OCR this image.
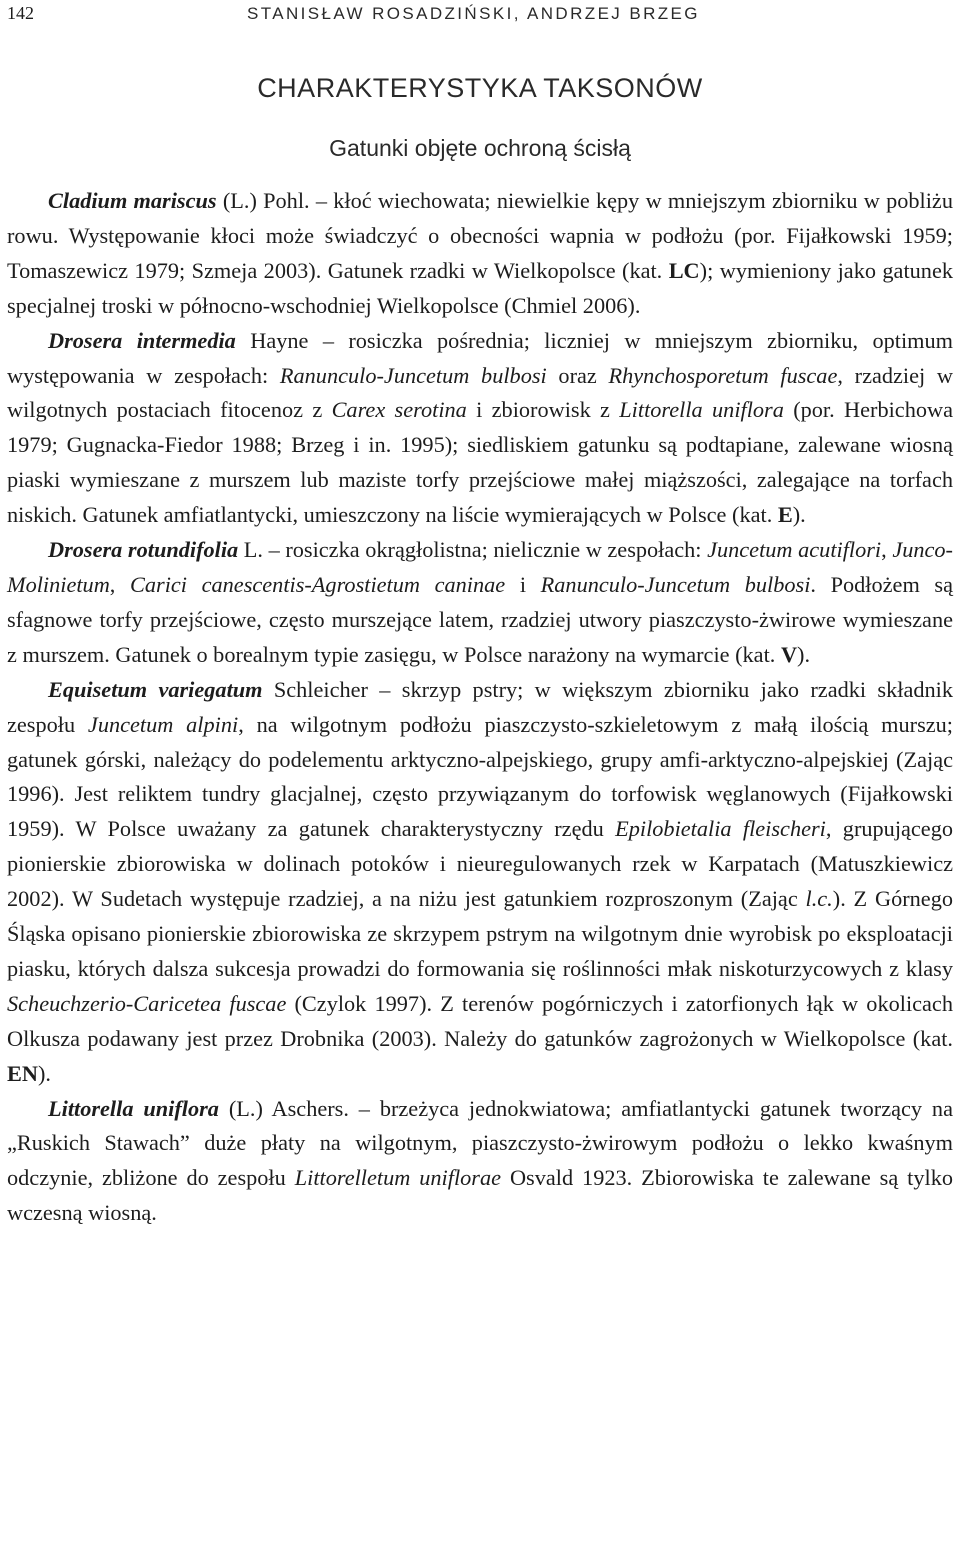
142	STANISŁAW ROSADZIŃSKI, ANDRZEJ BRZEG
CHARAKTERYSTYKA TAKSONÓW
Gatunki objęte ochroną ścisłą

Cladium mariscus (L.) Pohl. – kłoć wiechowata; niewielkie kępy w mniejszym zbiorniku w pobliżu rowu. Występowanie kłoci może świadczyć o obecności wapnia w podłożu (por. Fijałkowski 1959; Tomaszewicz 1979; Szmeja 2003). Gatunek rzadki w Wielkopolsce (kat. LC); wymieniony jako gatunek specjalnej troski w północno-wschodniej Wielkopolsce (Chmiel 2006).

Drosera intermedia Hayne – rosiczka pośrednia; liczniej w mniejszym zbiorniku, optimum występowania w zespołach: Ranunculo-Juncetum bulbosi oraz Rhynchosporetum fuscae, rzadziej w wilgotnych postaciach fitocenoz z Carex serotina i zbiorowisk z Littorella uniflora (por. Herbichowa 1979; Gugnacka-Fiedor 1988; Brzeg i in. 1995); siedliskiem gatunku są podtapiane, zalewane wiosną piaski wymieszane z murszem lub maziste torfy przejściowe małej miąższości, zalegające na torfach niskich. Gatunek amfiatlantycki, umieszczony na liście wymierających w Polsce (kat. E).

Drosera rotundifolia L. – rosiczka okrągłolistna; nielicznie w zespołach: Juncetum acutiflori, Junco-Molinietum, Carici canescentis-Agrostietum caninae i Ranunculo-Juncetum bulbosi. Podłożem są sfagnowe torfy przejściowe, często murszejące latem, rzadziej utwory piaszczysto-żwirowe wymieszane z murszem. Gatunek o borealnym typie zasięgu, w Polsce narażony na wymarcie (kat. V).

Equisetum variegatum Schleicher – skrzyp pstry; w większym zbiorniku jako rzadki składnik zespołu Juncetum alpini, na wilgotnym podłożu piaszczysto-szkieletowym z małą ilością murszu; gatunek górski, należący do podelementu arktyczno-alpejskiego, grupy amfi-arktyczno-alpejskiej (Zając 1996). Jest reliktem tundry glacjalnej, często przywiązanym do torfowisk węglanowych (Fijałkowski 1959). W Polsce uważany za gatunek charakterystyczny rzędu Epilobietalia fleischeri, grupującego pionierskie zbiorowiska w dolinach potoków i nieuregulowanych rzek w Karpatach (Matuszkiewicz 2002). W Sudetach występuje rzadziej, a na niżu jest gatunkiem rozproszonym (Zając l.c.). Z Górnego Śląska opisano pionierskie zbiorowiska ze skrzypem pstrym na wilgotnym dnie wyrobisk po eksploatacji piasku, których dalsza sukcesja prowadzi do formowania się roślinności młak niskoturzycowych z klasy Scheuchzerio-Caricetea fuscae (Czylok 1997). Z terenów pogórniczych i zatorfionych łąk w okolicach Olkusza podawany jest przez Drobnika (2003). Należy do gatunków zagrożonych w Wielkopolsce (kat. EN).

Littorella uniflora (L.) Aschers. – brzeżyca jednokwiatowa; amfiatlantycki gatunek tworzący na „Ruskich Stawach” duże płaty na wilgotnym, piaszczysto-żwirowym podłożu o lekko kwaśnym odczynie, zbliżone do zespołu Littorelletum uniflorae Osvald 1923. Zbiorowiska te zalewane są tylko wczesną wiosną.
